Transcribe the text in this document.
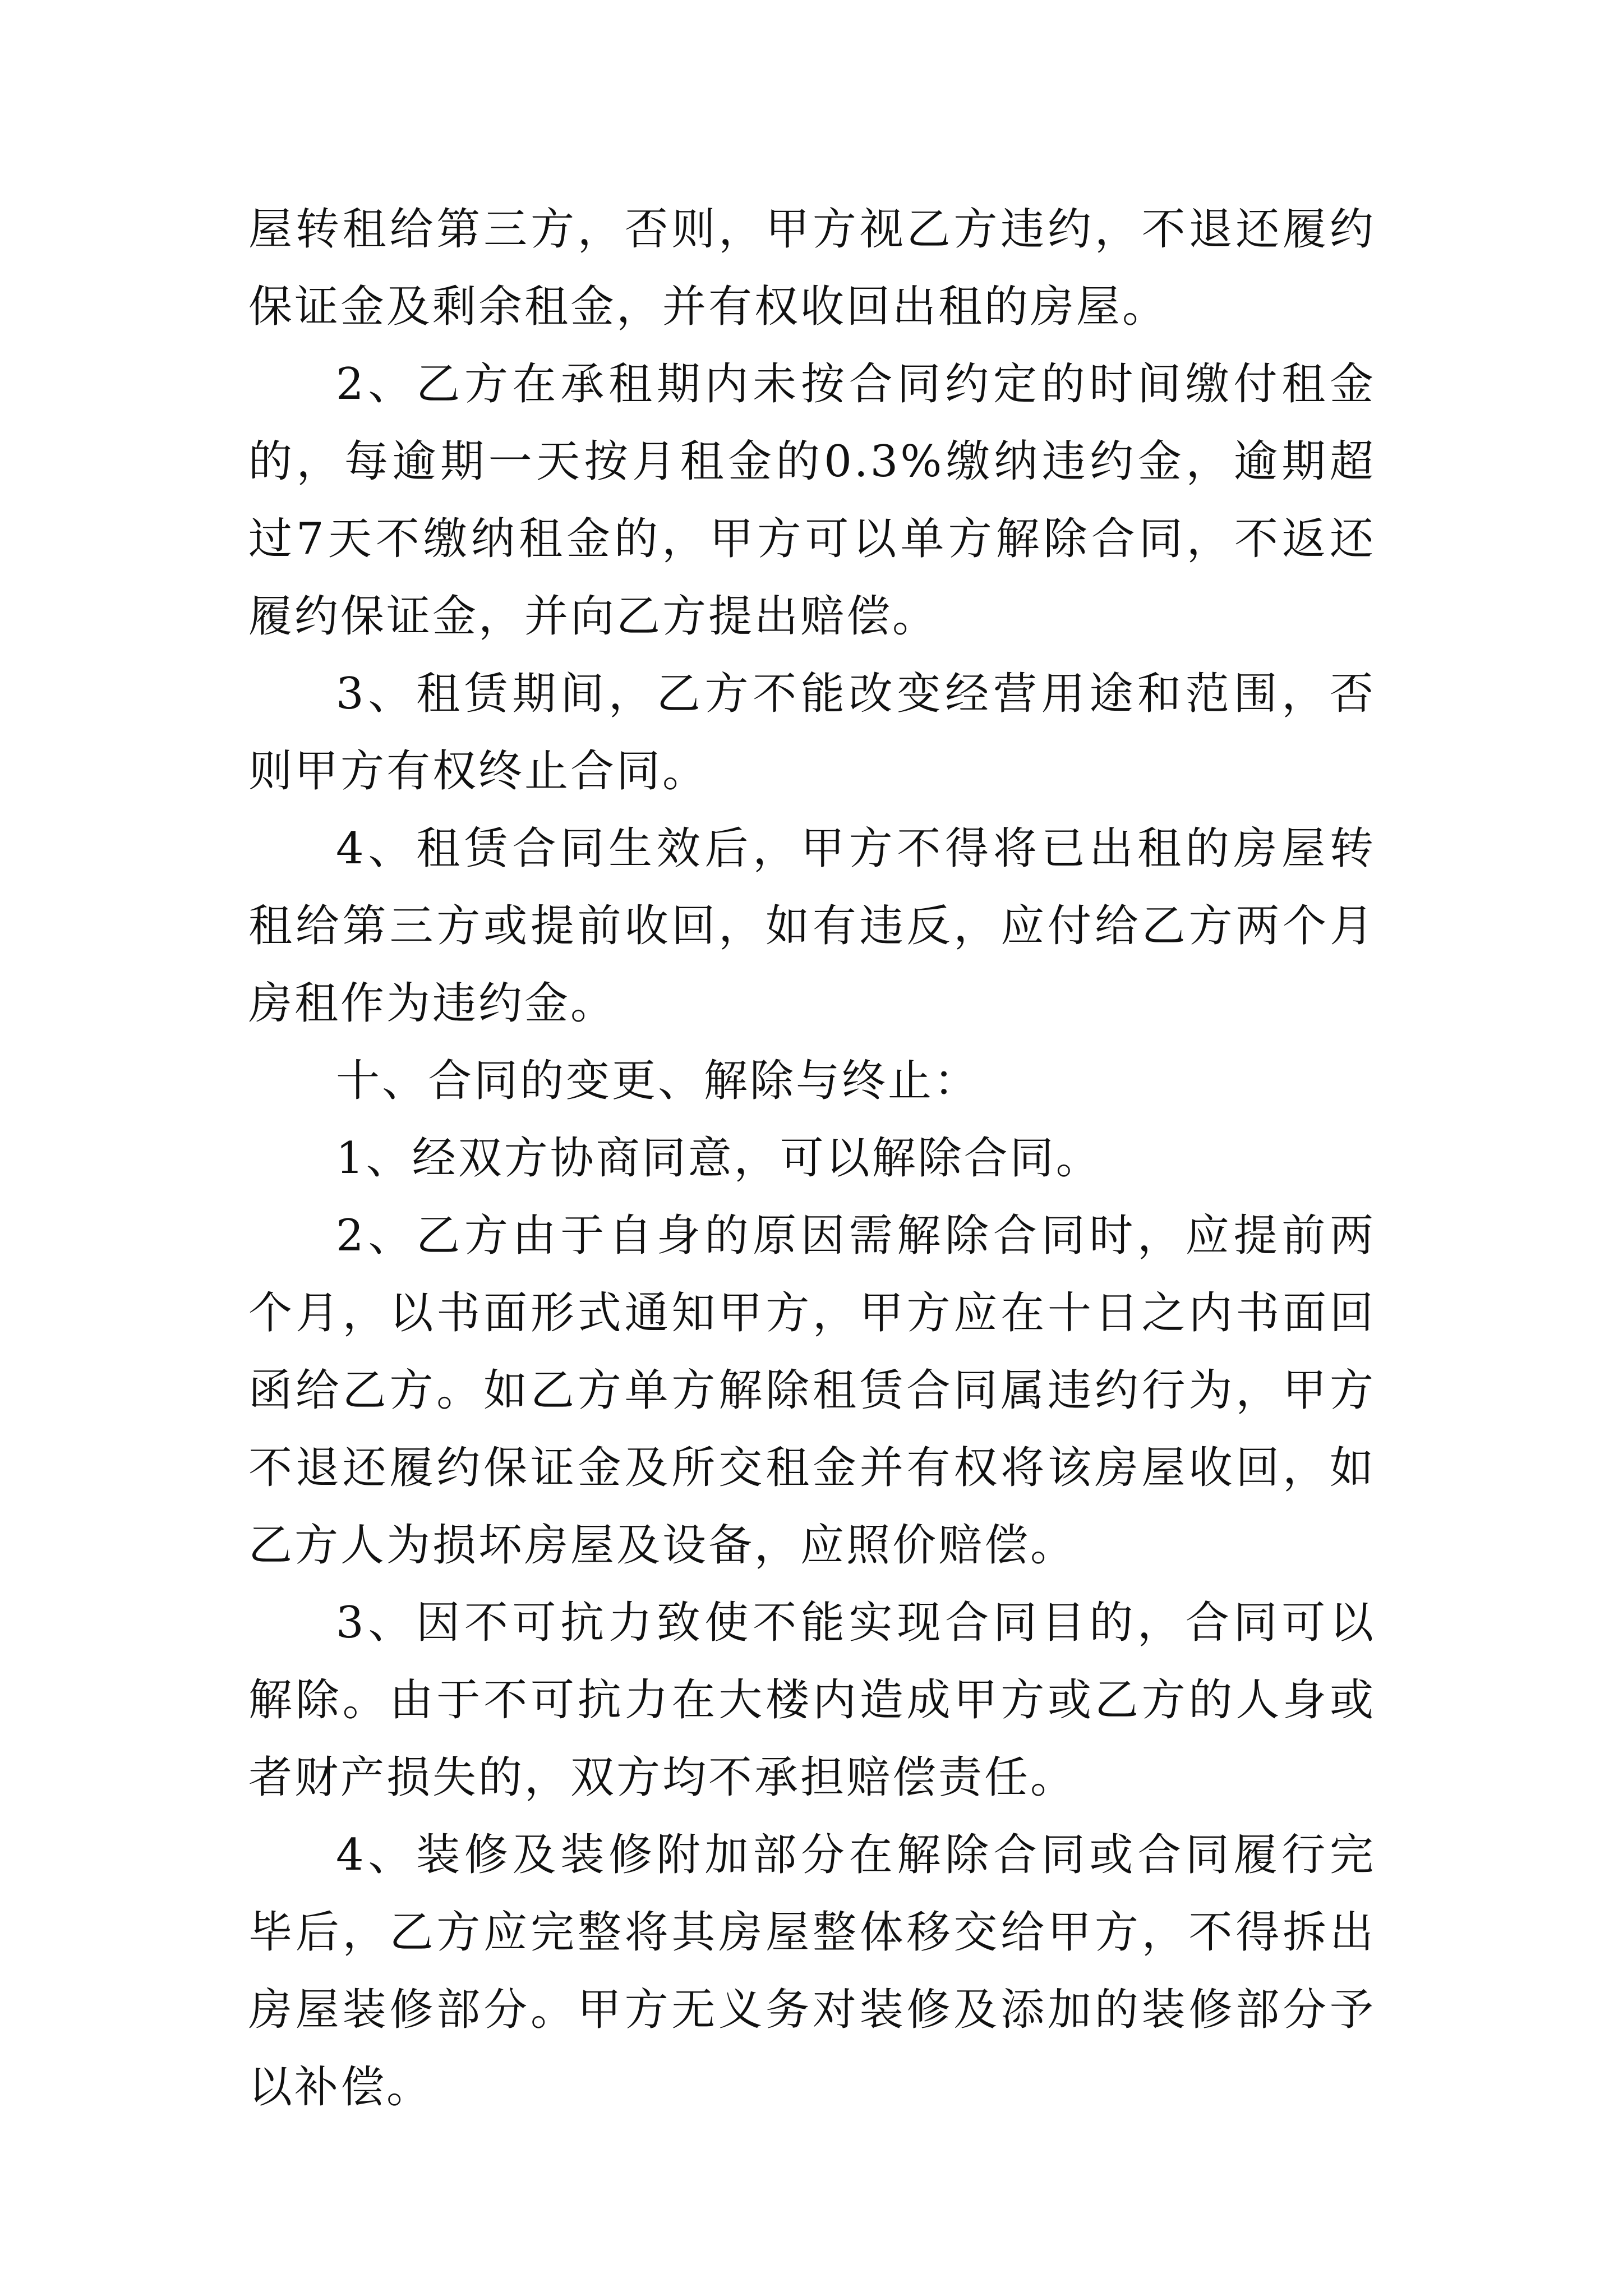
屋转租给第三方，否则，甲方视乙方违约，不退还履约保证金及剩余租金，并有权收回出租的房屋。

2、乙方在承租期内未按合同约定的时间缴付租金的，每逾期一天按月租金的0.3%缴纳违约金，逾期超过7天不缴纳租金的，甲方可以单方解除合同，不返还履约保证金，并向乙方提出赔偿。

3、租赁期间，乙方不能改变经营用途和范围，否则甲方有权终止合同。

4、租赁合同生效后，甲方不得将已出租的房屋转租给第三方或提前收回，如有违反，应付给乙方两个月房租作为违约金。

十、合同的变更、解除与终止：

1、经双方协商同意，可以解除合同。

2、乙方由于自身的原因需解除合同时，应提前两个月，以书面形式通知甲方，甲方应在十日之内书面回函给乙方。如乙方单方解除租赁合同属违约行为，甲方不退还履约保证金及所交租金并有权将该房屋收回，如乙方人为损坏房屋及设备，应照价赔偿。

3、因不可抗力致使不能实现合同目的，合同可以解除。由于不可抗力在大楼内造成甲方或乙方的人身或者财产损失的，双方均不承担赔偿责任。

4、装修及装修附加部分在解除合同或合同履行完毕后，乙方应完整将其房屋整体移交给甲方，不得拆出房屋装修部分。甲方无义务对装修及添加的装修部分予以补偿。
